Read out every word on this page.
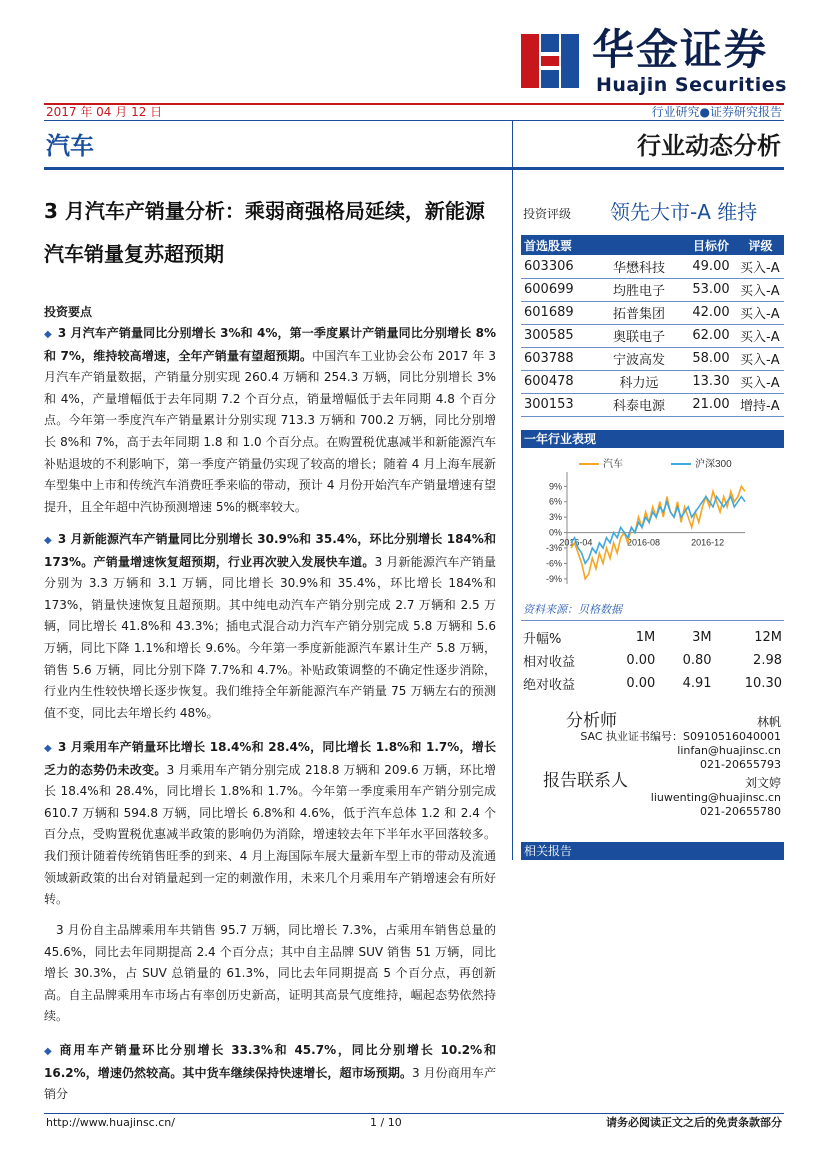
华金证券
Huajin Securities
2017 年 04 月 12 日	行业研究●证券研究报告
汽车	行业动态分析
3 月汽车产销量分析：乘弱商强格局延续，新能源汽车销量复苏超预期
投资评级 领先大市-A 维持
首选股票		目标价	评级
603306	华懋科技	49.00	买入-A
600699	均胜电子	53.00	买入-A
601689	拓普集团	42.00	买入-A
300585	奥联电子	62.00	买入-A
603788	宁波高发	58.00	买入-A
600478	科力远	13.30	买入-A
300153	科泰电源	21.00	增持-A
一年行业表现
9%
6%
3%
0%
-3%
-6%
-9%
2016-04	2016-08	2016-12
汽车	沪深300
资料来源：贝格数据
升幅%	1M	3M	12M
相对收益	0.00	0.80	2.98
绝对收益	0.00	4.91	10.30
分析师	林帆
SAC 执业证书编号：S0910516040001
linfan@huajinsc.cn
021-20655793
报告联系人	刘文婷
liuwenting@huajinsc.cn
021-20655780
相关报告
投资要点
◆ 3 月汽车产销量同比分别增长 3%和 4%，第一季度累计产销量同比分别增长 8%和 7%，维持较高增速，全年产销量有望超预期。中国汽车工业协会公布 2017 年 3 月汽车产销量数据，产销量分别实现 260.4 万辆和 254.3 万辆，同比分别增长 3%和 4%，产量增幅低于去年同期 7.2 个百分点，销量增幅低于去年同期 4.8 个百分点。今年第一季度汽车产销量累计分别实现 713.3 万辆和 700.2 万辆，同比分别增长 8%和 7%，高于去年同期 1.8 和 1.0 个百分点。在购置税优惠减半和新能源汽车补贴退坡的不利影响下，第一季度产销量仍实现了较高的增长；随着 4 月上海车展新车型集中上市和传统汽车消费旺季来临的带动，预计 4 月份开始汽车产销量增速有望提升，且全年超中汽协预测增速 5%的概率较大。
◆ 3 月新能源汽车产销量同比分别增长 30.9%和 35.4%，环比分别增长 184%和 173%。产销量增速恢复超预期，行业再次驶入发展快车道。3 月新能源汽车产销量分别为 3.3 万辆和 3.1 万辆，同比增长 30.9%和 35.4%，环比增长 184%和 173%，销量快速恢复且超预期。其中纯电动汽车产销分别完成 2.7 万辆和 2.5 万辆，同比增长 41.8%和 43.3%；插电式混合动力汽车产销分别完成 5.8 万辆和 5.6 万辆，同比下降 1.1%和增长 9.6%。今年第一季度新能源汽车累计生产 5.8 万辆，销售 5.6 万辆，同比分别下降 7.7%和 4.7%。补贴政策调整的不确定性逐步消除，行业内生性较快增长逐步恢复。我们维持全年新能源汽车产销量 75 万辆左右的预测值不变，同比去年增长约 48%。
◆ 3 月乘用车产销量环比增长 18.4%和 28.4%，同比增长 1.8%和 1.7%，增长乏力的态势仍未改变。3 月乘用车产销分别完成 218.8 万辆和 209.6 万辆，环比增长 18.4%和 28.4%，同比增长 1.8%和 1.7%。今年第一季度乘用车产销分别完成 610.7 万辆和 594.8 万辆，同比增长 6.8%和 4.6%，低于汽车总体 1.2 和 2.4 个百分点，受购置税优惠减半政策的影响仍为消除，增速较去年下半年水平回落较多。我们预计随着传统销售旺季的到来、4 月上海国际车展大量新车型上市的带动及流通领域新政策的出台对销量起到一定的刺激作用，未来几个月乘用车产销增速会有所好转。
3 月份自主品牌乘用车共销售 95.7 万辆，同比增长 7.3%，占乘用车销售总量的 45.6%，同比去年同期提高 2.4 个百分点；其中自主品牌 SUV 销售 51 万辆，同比增长 30.3%，占 SUV 总销量的 61.3%，同比去年同期提高 5 个百分点，再创新高。自主品牌乘用车市场占有率创历史新高，证明其高景气度维持，崛起态势依然持续。
◆ 商用车产销量环比分别增长 33.3%和 45.7%，同比分别增长 10.2%和 16.2%，增速仍然较高。其中货车继续保持快速增长，超市场预期。3 月份商用车产销分
http://www.huajinsc.cn/	1 / 10	请务必阅读正文之后的免责条款部分
